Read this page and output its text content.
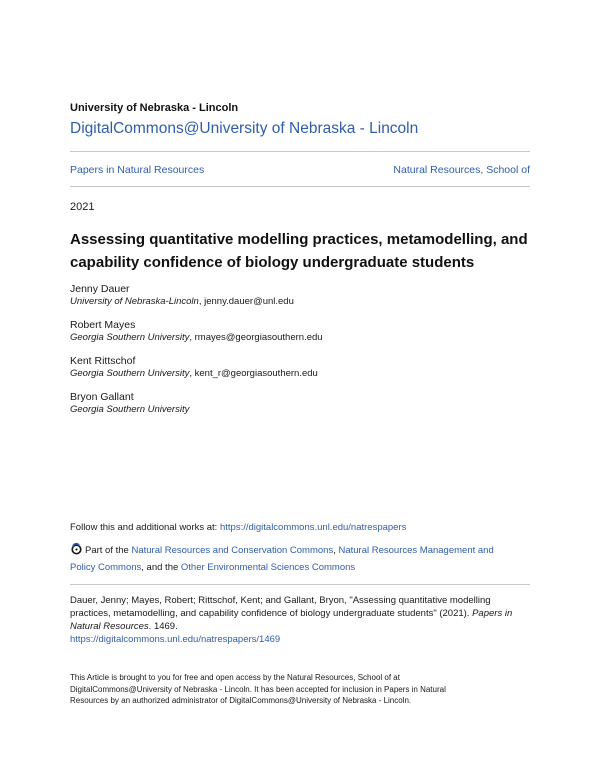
University of Nebraska - Lincoln
DigitalCommons@University of Nebraska - Lincoln
Papers in Natural Resources	Natural Resources, School of
2021
Assessing quantitative modelling practices, metamodelling, and
capability confidence of biology undergraduate students
Jenny Dauer
University of Nebraska-Lincoln, jenny.dauer@unl.edu
Robert Mayes
Georgia Southern University, rmayes@georgiasouthern.edu
Kent Rittschof
Georgia Southern University, kent_r@georgiasouthern.edu
Bryon Gallant
Georgia Southern University
Follow this and additional works at: https://digitalcommons.unl.edu/natrespapers
Part of the Natural Resources and Conservation Commons, Natural Resources Management and
Policy Commons, and the Other Environmental Sciences Commons
Dauer, Jenny; Mayes, Robert; Rittschof, Kent; and Gallant, Bryon, "Assessing quantitative modelling
practices, metamodelling, and capability confidence of biology undergraduate students" (2021). Papers in
Natural Resources. 1469.
https://digitalcommons.unl.edu/natrespapers/1469
This Article is brought to you for free and open access by the Natural Resources, School of at
DigitalCommons@University of Nebraska - Lincoln. It has been accepted for inclusion in Papers in Natural
Resources by an authorized administrator of DigitalCommons@University of Nebraska - Lincoln.
